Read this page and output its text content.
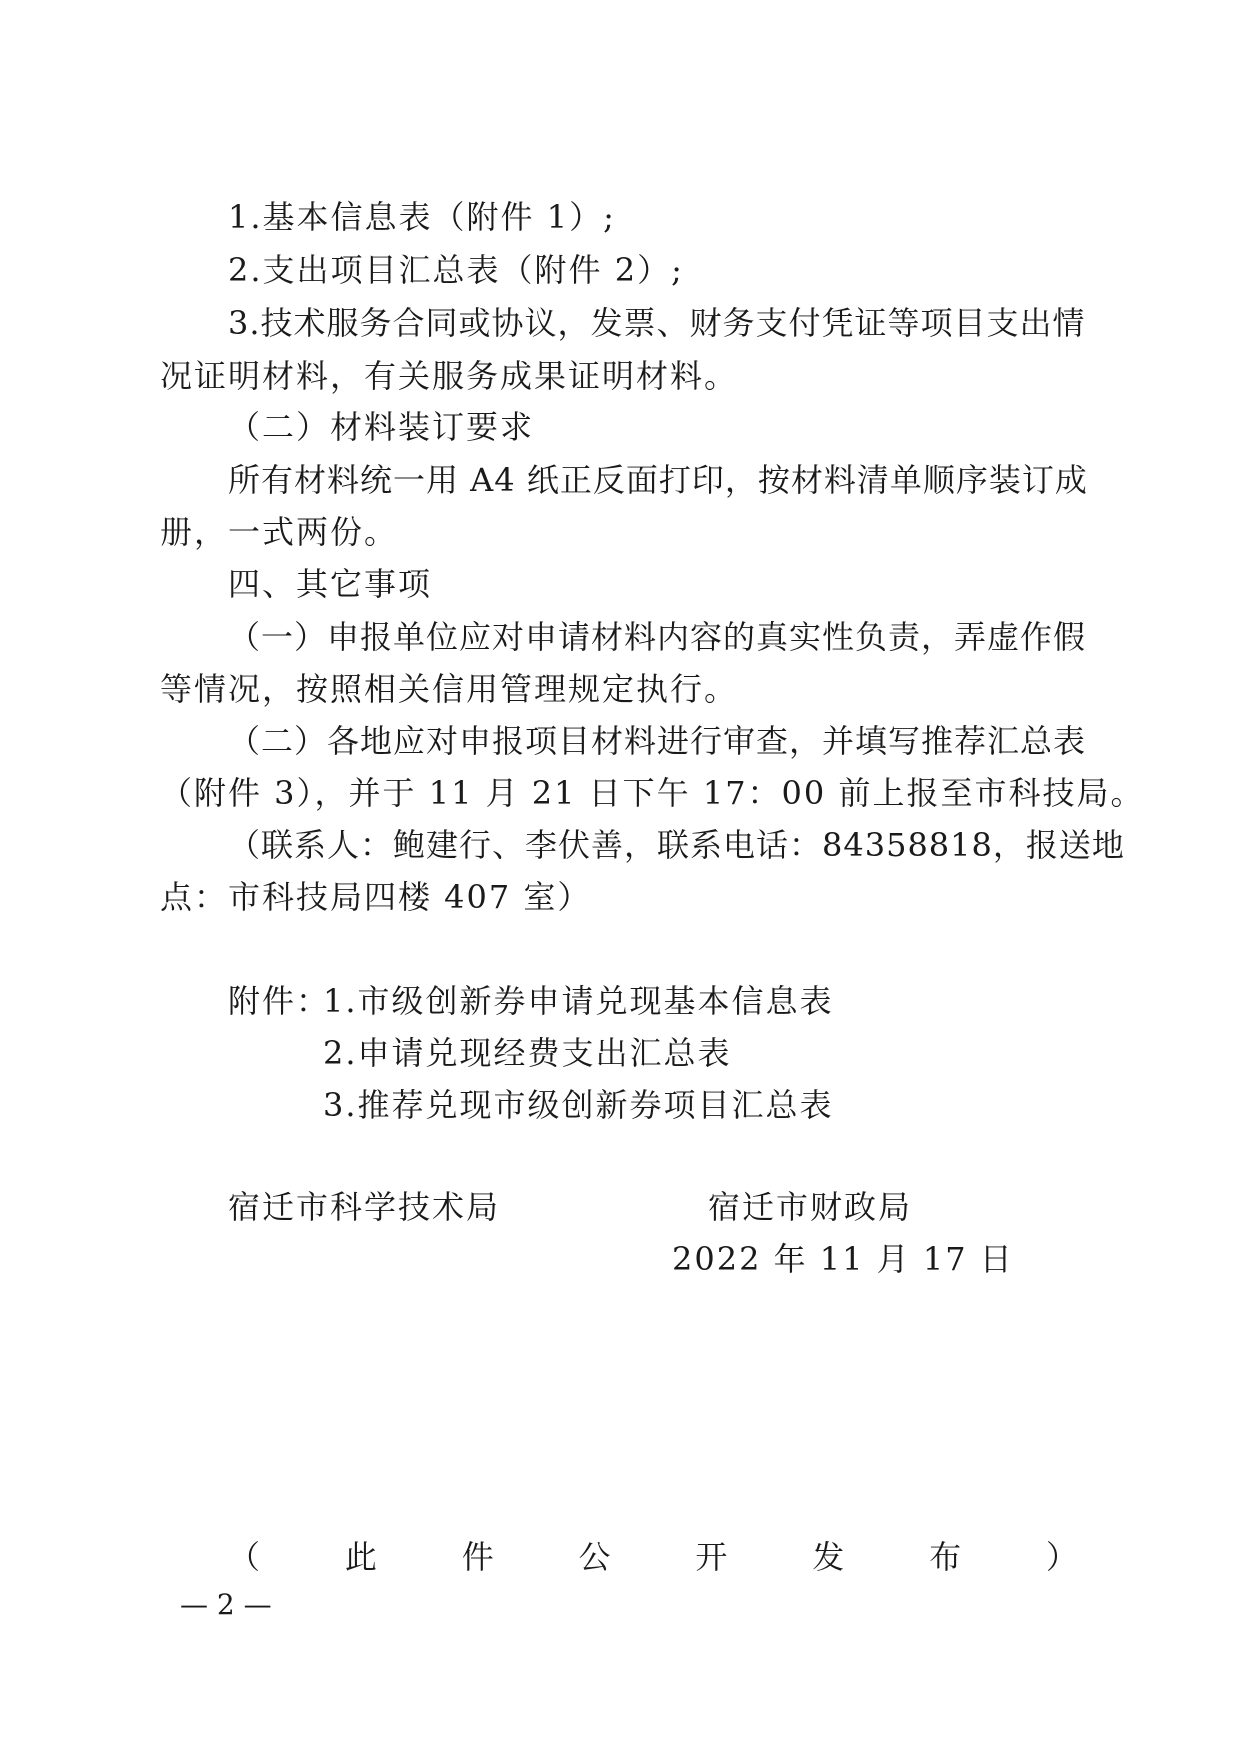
1.基本信息表（附件 1）;
2.支出项目汇总表（附件 2）;
3.技术服务合同或协议，发票、财务支付凭证等项目支出情
况证明材料，有关服务成果证明材料。
（二）材料装订要求
所有材料统一用 A4 纸正反面打印，按材料清单顺序装订成
册，一式两份。
四、其它事项
（一）申报单位应对申请材料内容的真实性负责，弄虚作假
等情况，按照相关信用管理规定执行。
（二）各地应对申报项目材料进行审查，并填写推荐汇总表
（附件 3），并于 11 月 21 日下午 17：00 前上报至市科技局。
（联系人：鲍建行、李伏善，联系电话：84358818，报送地
点：市科技局四楼 407 室）
附件：
1.市级创新券申请兑现基本信息表
2.申请兑现经费支出汇总表
3.推荐兑现市级创新券项目汇总表
宿迁市科学技术局	宿迁市财政局
2022 年 11 月 17 日
（	此	件	公	开	发	布	）
— 2 —
